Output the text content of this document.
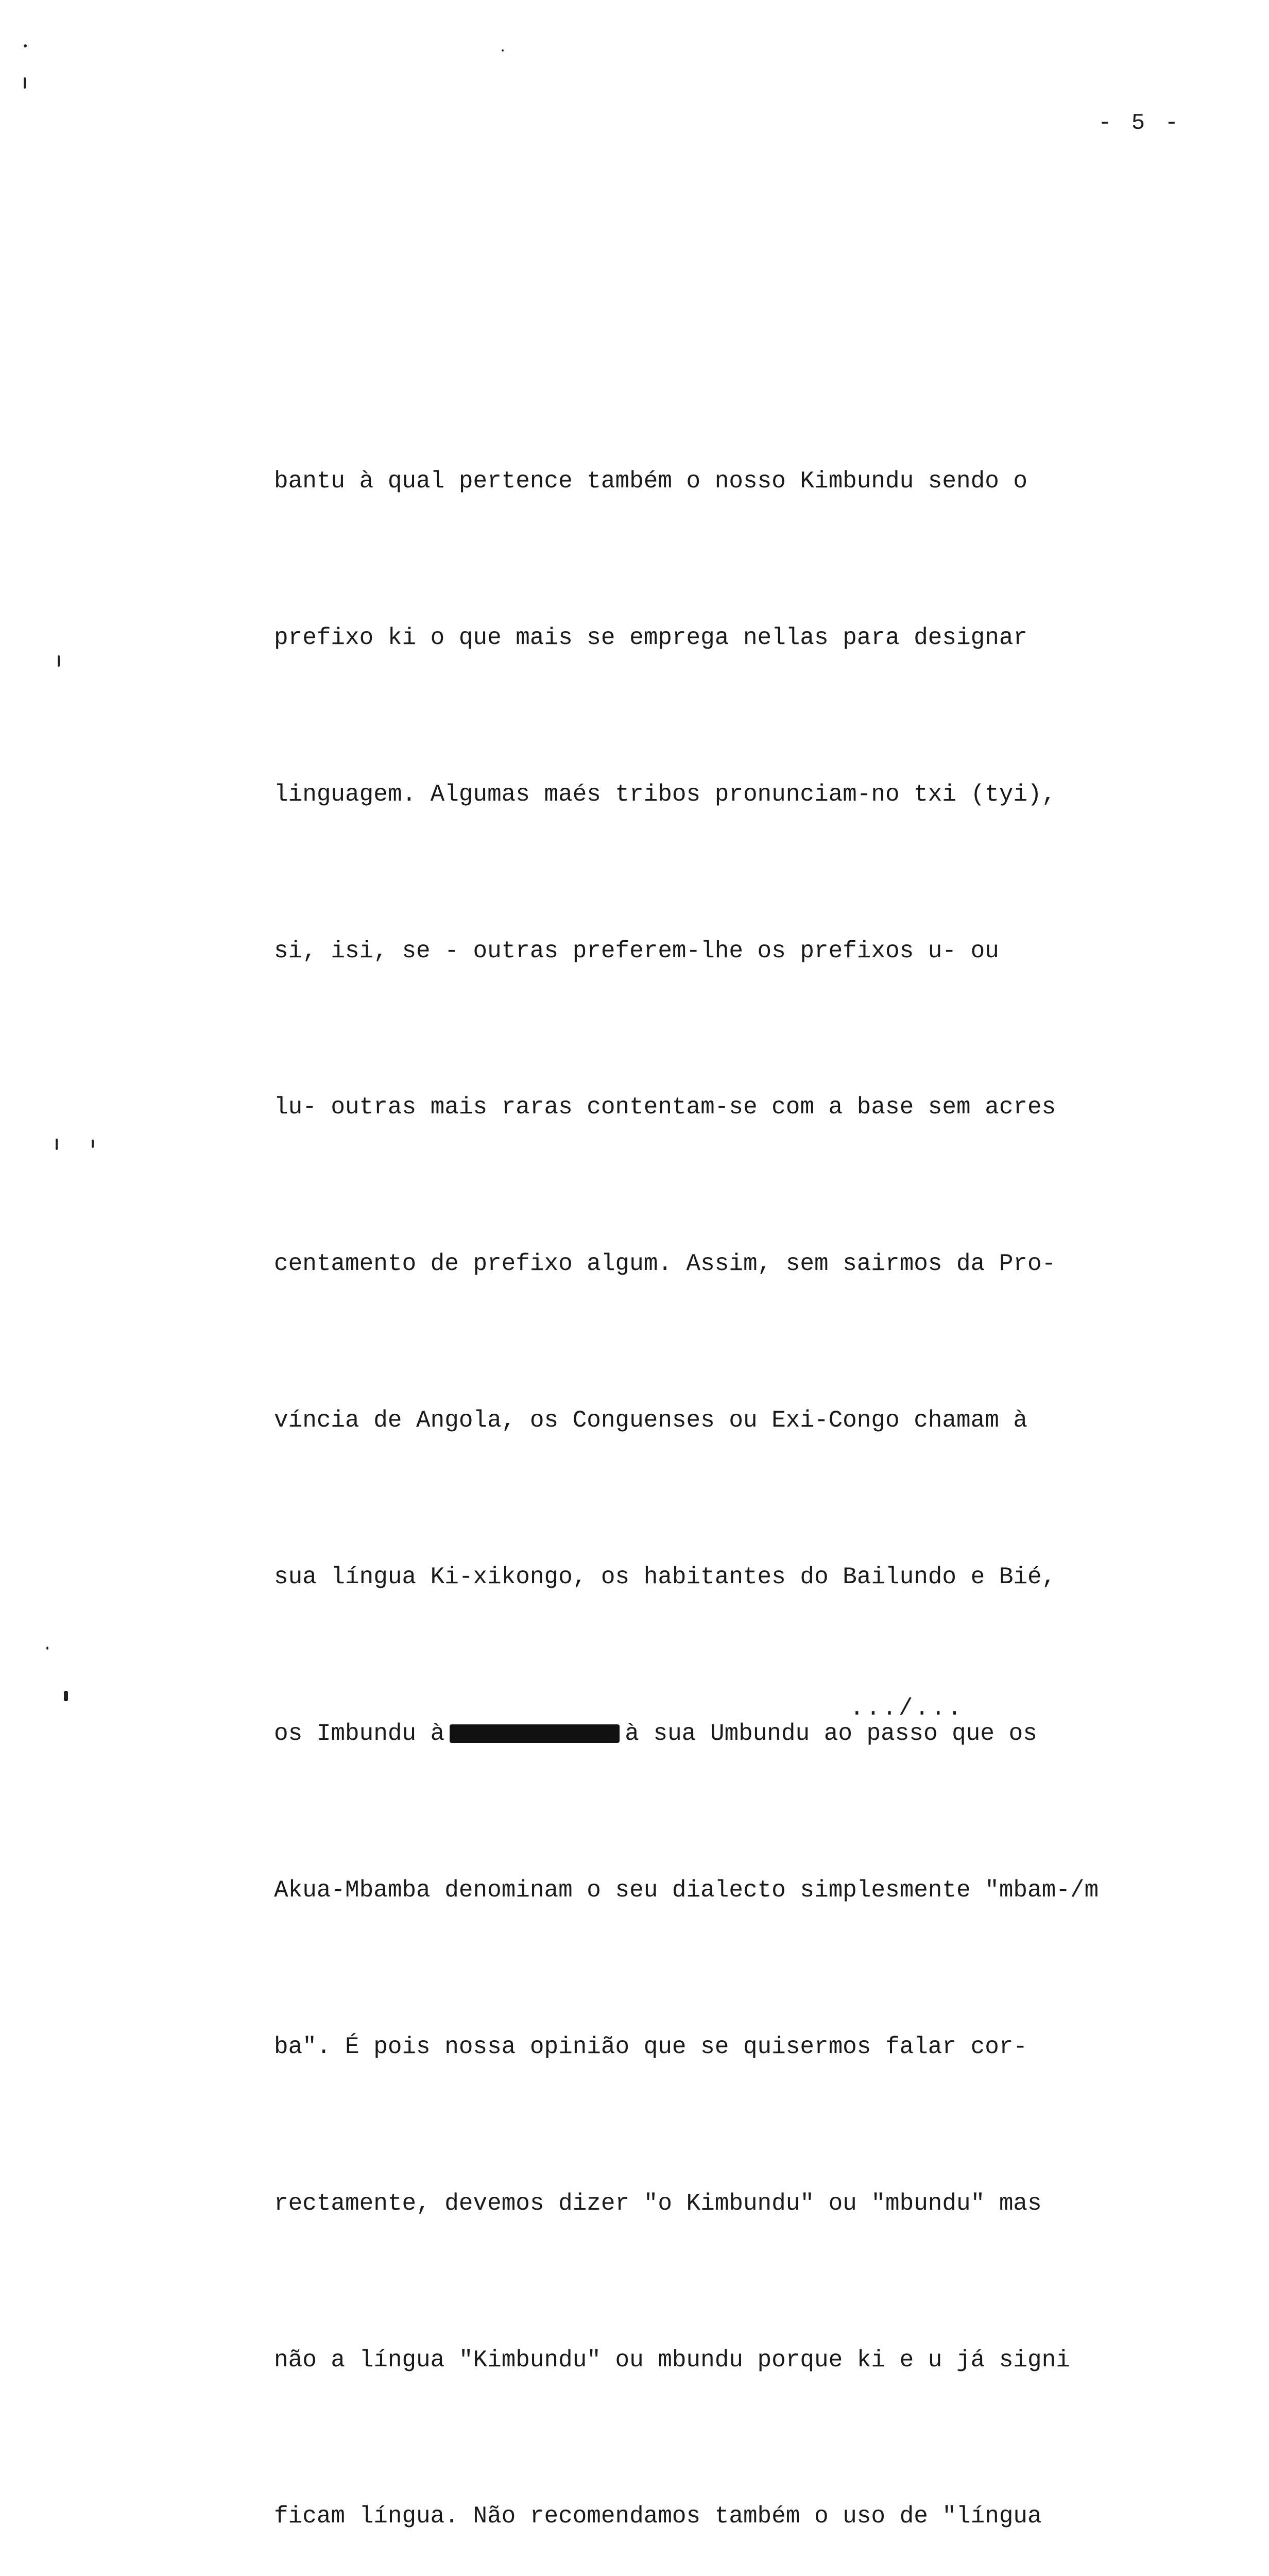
- 5 -

bantu à qual pertence também o nosso Kimbundu sendo o

prefixo ki o que mais se emprega nellas para designar

linguagem. Algumas maés tribos pronunciam-no txi (tyi),

si, isi, se - outras preferem-lhe os prefixos u- ou

lu- outras mais raras contentam-se com a base sem acres

centamento de prefixo algum. Assim, sem sairmos da Pro-

víncia de Angola, os Conguenses ou Exi-Congo chamam à

sua língua Ki-xikongo, os habitantes do Bailundo e Bié,

os Imbundu à	à sua Umbundu ao passo que os

Akua-Mbamba denominam o seu dialecto simplesmente "mbam-/m

ba". É pois nossa opinião que se quisermos falar cor-

rectamente, devemos dizer "o Kimbundu" ou "mbundu" mas

não a língua "Kimbundu" ou mbundu porque ki e u já signi

ficam língua. Não recomendamos também o uso de "língua

.../...
